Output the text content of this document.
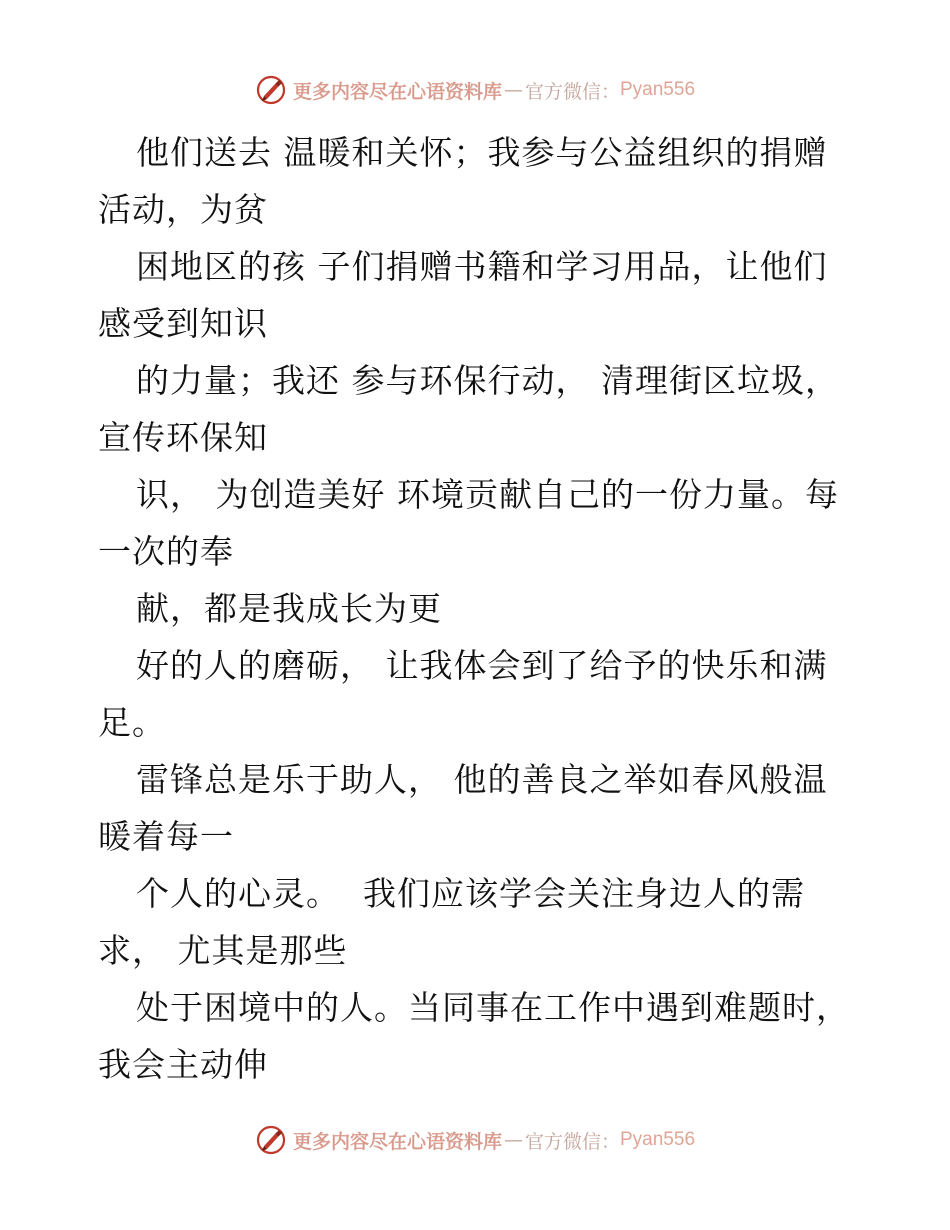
更多内容尽在心语资料库 — 官方微信： Pyan556
他们送去 温暖和关怀；我参与公益组织的捐赠
活动，为贫
困地区的孩 子们捐赠书籍和学习用品，让他们
感受到知识
的力量；我还 参与环保行动， 清理街区垃圾，
宣传环保知
识， 为创造美好 环境贡献自己的一份力量。每
一次的奉
献，都是我成长为更
好的人的磨砺， 让我体会到了给予的快乐和满
足。
雷锋总是乐于助人， 他的善良之举如春风般温
暖着每一
个人的心灵。  我们应该学会关注身边人的需
求， 尤其是那些
处于困境中的人。当同事在工作中遇到难题时，
我会主动伸
更多内容尽在心语资料库 — 官方微信： Pyan556
